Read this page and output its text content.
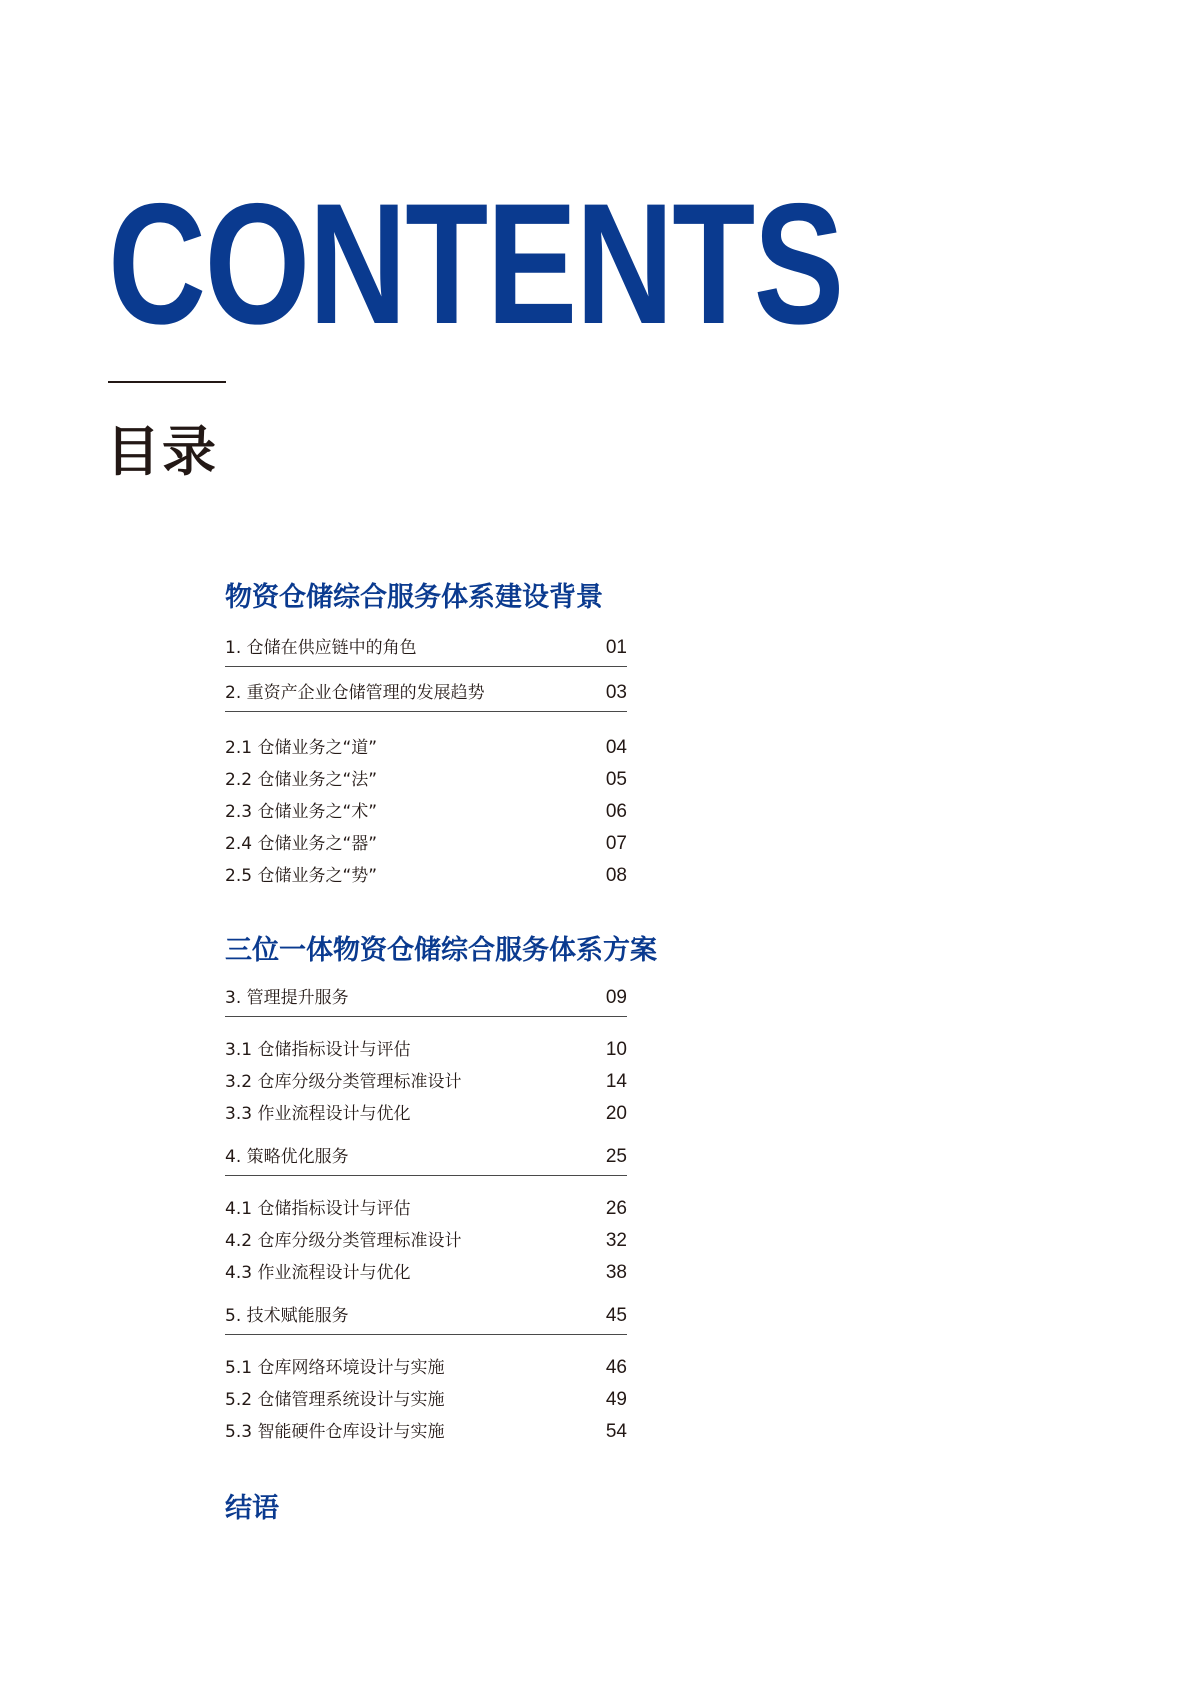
CONTENTS
目录
物资仓储综合服务体系建设背景
1. 仓储在供应链中的角色	01
2. 重资产企业仓储管理的发展趋势	03
2.1 仓储业务之“道”	04
2.2 仓储业务之“法”	05
2.3 仓储业务之“术”	06
2.4 仓储业务之“器”	07
2.5 仓储业务之“势”	08
三位一体物资仓储综合服务体系方案
3. 管理提升服务	09
3.1 仓储指标设计与评估	10
3.2 仓库分级分类管理标准设计	14
3.3 作业流程设计与优化	20
4. 策略优化服务	25
4.1 仓储指标设计与评估	26
4.2 仓库分级分类管理标准设计	32
4.3 作业流程设计与优化	38
5. 技术赋能服务	45
5.1 仓库网络环境设计与实施	46
5.2 仓储管理系统设计与实施	49
5.3 智能硬件仓库设计与实施	54
结语
